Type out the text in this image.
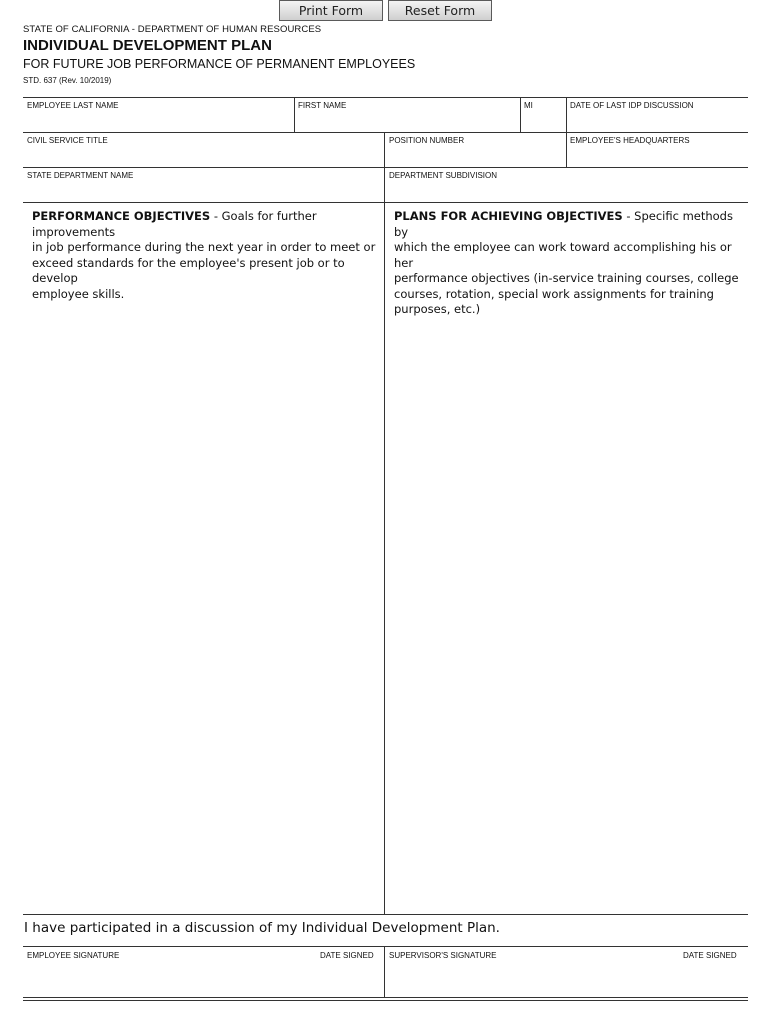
Print Form	Reset Form
STATE OF CALIFORNIA - DEPARTMENT OF HUMAN RESOURCES
INDIVIDUAL DEVELOPMENT PLAN
FOR FUTURE JOB PERFORMANCE OF PERMANENT EMPLOYEES
STD. 637 (Rev. 10/2019)
EMPLOYEE LAST NAME	FIRST NAME	MI	DATE OF LAST IDP DISCUSSION
CIVIL SERVICE TITLE	POSITION NUMBER	EMPLOYEE'S HEADQUARTERS
STATE DEPARTMENT NAME	DEPARTMENT SUBDIVISION
PERFORMANCE OBJECTIVES - Goals for further improvements
in job performance during the next year in order to meet or
exceed standards for the employee's present job or to develop
employee skills.
PLANS FOR ACHIEVING OBJECTIVES - Specific methods by
which the employee can work toward accomplishing his or her
performance objectives (in-service training courses, college
courses, rotation, special work assignments for training
purposes, etc.)
I have participated in a discussion of my Individual Development Plan.
EMPLOYEE SIGNATURE	DATE SIGNED SUPERVISOR'S SIGNATURE	DATE SIGNED
